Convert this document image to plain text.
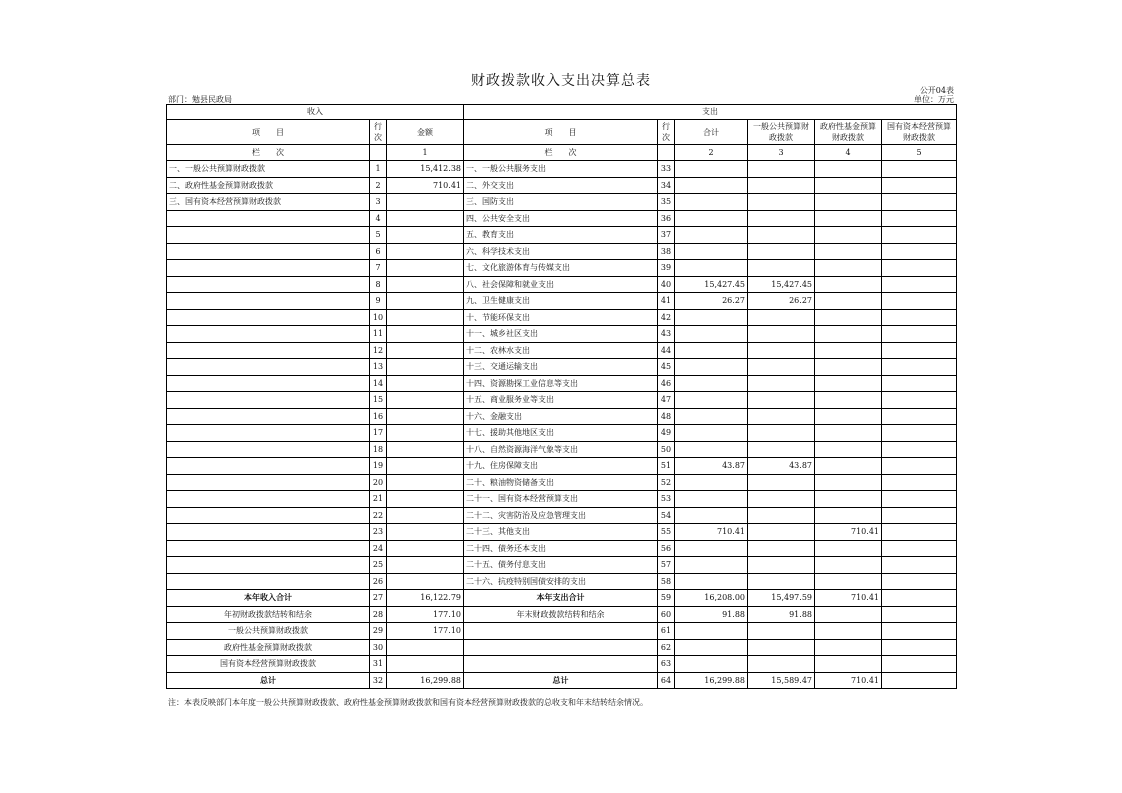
财政拨款收入支出决算总表
公开04表
部门：勉县民政局	单位：万元
收入			支出					
项　　目	行次	金额	项　　目	行次	合计	一般公共预算财政拨款	政府性基金预算财政拨款	国有资本经营预算财政拨款
栏　　次		1	栏　　次		2	3	4	5
一、一般公共预算财政拨款	1	15,412.38	一、一般公共服务支出	33				
二、政府性基金预算财政拨款	2	710.41	二、外交支出	34				
三、国有资本经营预算财政拨款	3		三、国防支出	35				
	4		四、公共安全支出	36				
	5		五、教育支出	37				
	6		六、科学技术支出	38				
	7		七、文化旅游体育与传媒支出	39				
	8		八、社会保障和就业支出	40	15,427.45	15,427.45		
	9		九、卫生健康支出	41	26.27	26.27		
	10		十、节能环保支出	42				
	11		十一、城乡社区支出	43				
	12		十二、农林水支出	44				
	13		十三、交通运输支出	45				
	14		十四、资源勘探工业信息等支出	46				
	15		十五、商业服务业等支出	47				
	16		十六、金融支出	48				
	17		十七、援助其他地区支出	49				
	18		十八、自然资源海洋气象等支出	50				
	19		十九、住房保障支出	51	43.87	43.87		
	20		二十、粮油物资储备支出	52				
	21		二十一、国有资本经营预算支出	53				
	22		二十二、灾害防治及应急管理支出	54				
	23		二十三、其他支出	55	710.41		710.41	
	24		二十四、债务还本支出	56				
	25		二十五、债务付息支出	57				
	26		二十六、抗疫特别国债安排的支出	58				
本年收入合计	27	16,122.79	本年支出合计	59	16,208.00	15,497.59	710.41	
年初财政拨款结转和结余	28	177.10	年末财政拨款结转和结余	60	91.88	91.88		
一般公共预算财政拨款	29	177.10		61				
政府性基金预算财政拨款	30			62				
国有资本经营预算财政拨款	31			63				
总计	32	16,299.88	总计	64	16,299.88	15,589.47	710.41	
注：本表反映部门本年度一般公共预算财政拨款、政府性基金预算财政拨款和国有资本经营预算财政拨款的总收支和年末结转结余情况。
